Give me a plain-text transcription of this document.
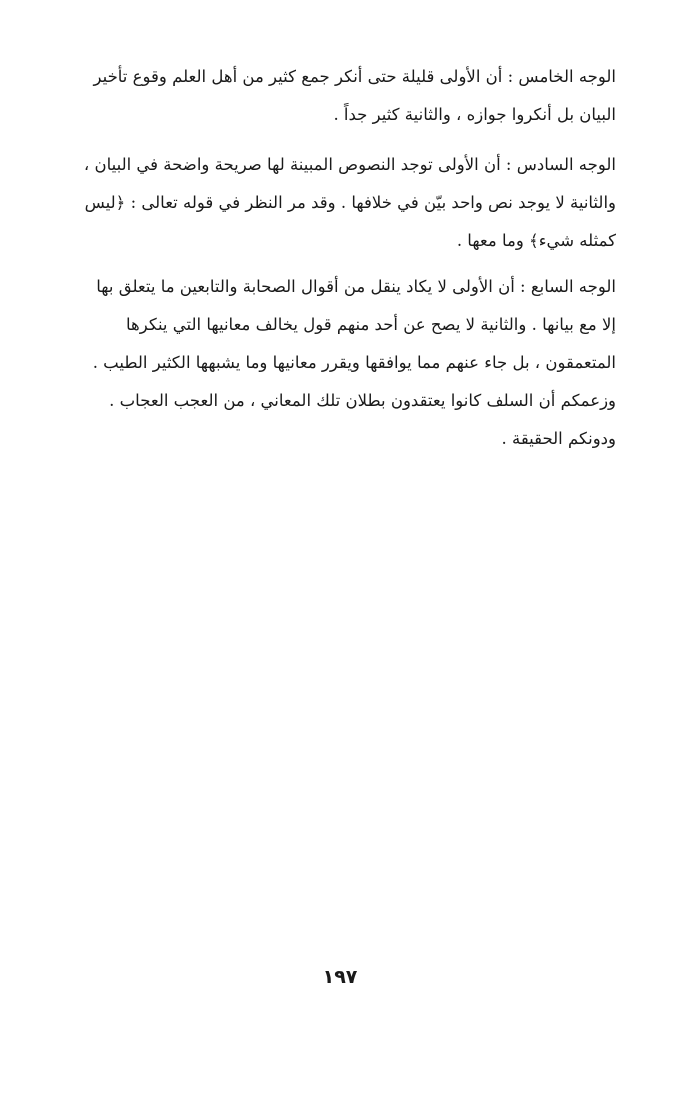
الوجه الخامس : أن الأولى قليلة حتى أنكر جمع كثير من أهل العلم وقوع تأخير
البيان بل أنكروا جوازه ، والثانية كثير جداً .
الوجه السادس : أن الأولى توجد النصوص المبينة لها صريحة واضحة في البيان ،
والثانية لا يوجد نص واحد بيّن في خلافها . وقد مر النظر في قوله تعالى : ﴿ليس
كمثله شيء﴾ وما معها .
الوجه السابع : أن الأولى لا يكاد ينقل من أقوال الصحابة والتابعين ما يتعلق بها
إلا مع بيانها . والثانية لا يصح عن أحد منهم قول يخالف معانيها التي ينكرها
المتعمقون ، بل جاء عنهم مما يوافقها ويقرر معانيها وما يشبهها الكثير الطيب .
وزعمكم أن السلف كانوا يعتقدون بطلان تلك المعاني ، من العجب العجاب .
ودونكم الحقيقة .
١٩٧
